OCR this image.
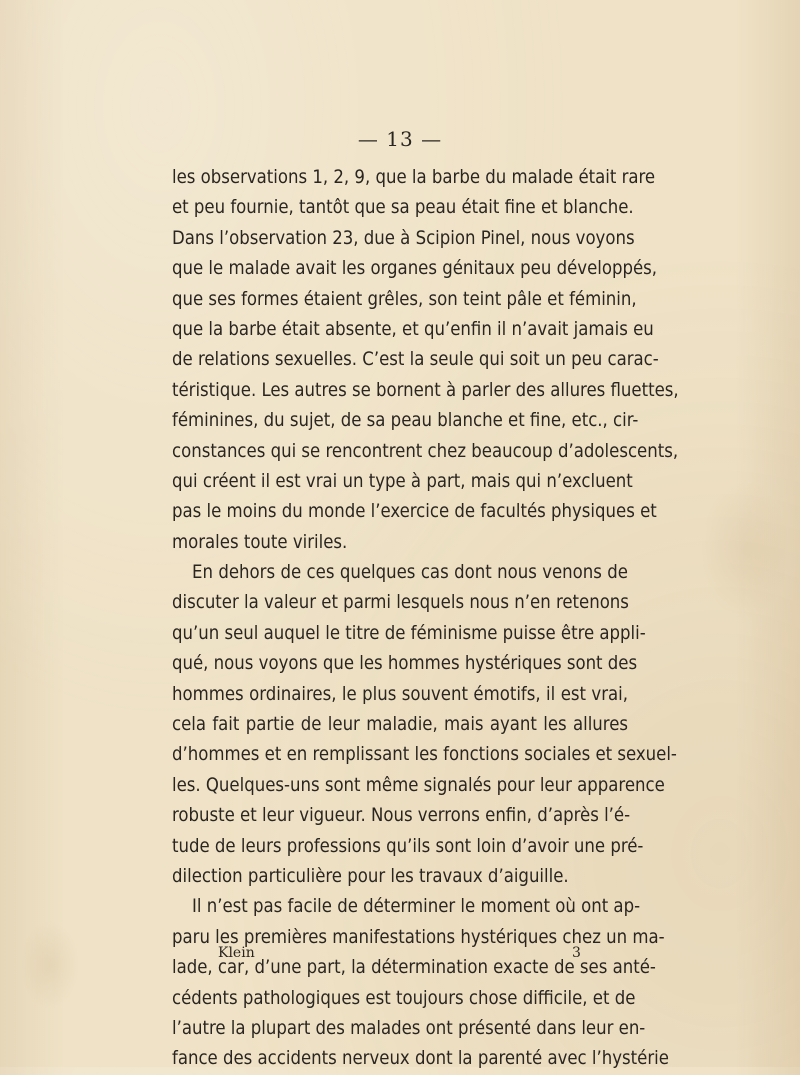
— 13 —
les observations 1, 2, 9, que la barbe du malade était rare
et peu fournie, tantôt que sa peau était fine et blanche.
Dans l’observation 23, due à Scipion Pinel, nous voyons
que le malade avait les organes génitaux peu développés,
que ses formes étaient grêles, son teint pâle et féminin,
que la barbe était absente, et qu’enfin il n’avait jamais eu
de relations sexuelles. C’est la seule qui soit un peu carac-
téristique. Les autres se bornent à parler des allures fluettes,
féminines, du sujet, de sa peau blanche et fine, etc., cir-
constances qui se rencontrent chez beaucoup d’adolescents,
qui créent il est vrai un type à part, mais qui n’excluent
pas le moins du monde l’exercice de facultés physiques et
morales toute viriles.
En dehors de ces quelques cas dont nous venons de
discuter la valeur et parmi lesquels nous n’en retenons
qu’un seul auquel le titre de féminisme puisse être appli-
qué, nous voyons que les hommes hystériques sont des
hommes ordinaires, le plus souvent émotifs, il est vrai,
cela fait partie de leur maladie, mais ayant les allures
d’hommes et en remplissant les fonctions sociales et sexuel-
les. Quelques-uns sont même signalés pour leur apparence
robuste et leur vigueur. Nous verrons enfin, d’après l’é-
tude de leurs professions qu’ils sont loin d’avoir une pré-
dilection particulière pour les travaux d’aiguille.
Il n’est pas facile de déterminer le moment où ont ap-
paru les premières manifestations hystériques chez un ma-
lade, car, d’une part, la détermination exacte de ses anté-
cédents pathologiques est toujours chose difficile, et de
l’autre la plupart des malades ont présenté dans leur en-
fance des accidents nerveux dont la parenté avec l’hystérie
Klein	3
